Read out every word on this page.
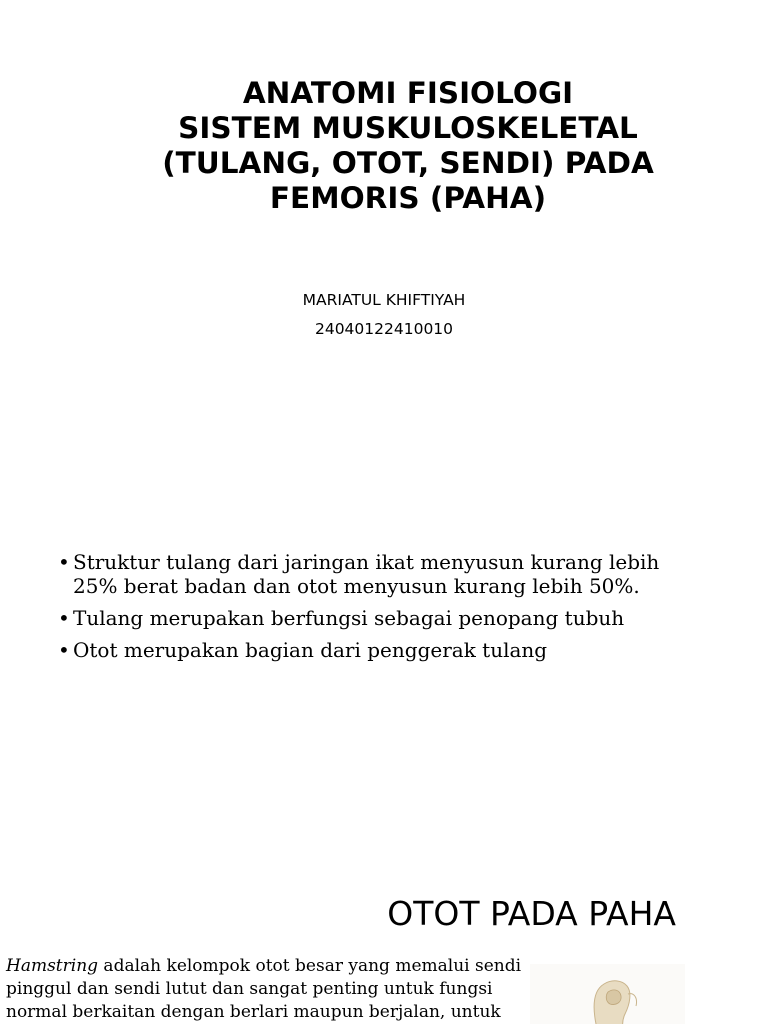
ANATOMI FISIOLOGI
SISTEM MUSKULOSKELETAL
(TULANG, OTOT, SENDI) PADA
FEMORIS (PAHA)
MARIATUL KHIFTIYAH
24040122410010
• Struktur tulang dari jaringan ikat menyusun kurang lebih 25% berat badan dan otot menyusun kurang lebih 50%.
• Tulang merupakan berfungsi sebagai penopang tubuh
• Otot merupakan bagian dari penggerak tulang
OTOT PADA PAHA

Hamstring adalah kelompok otot besar yang memalui sendi
pinggul dan sendi lutut dan sangat penting untuk fungsi
normal berkaitan dengan berlari maupun berjalan, untuk
